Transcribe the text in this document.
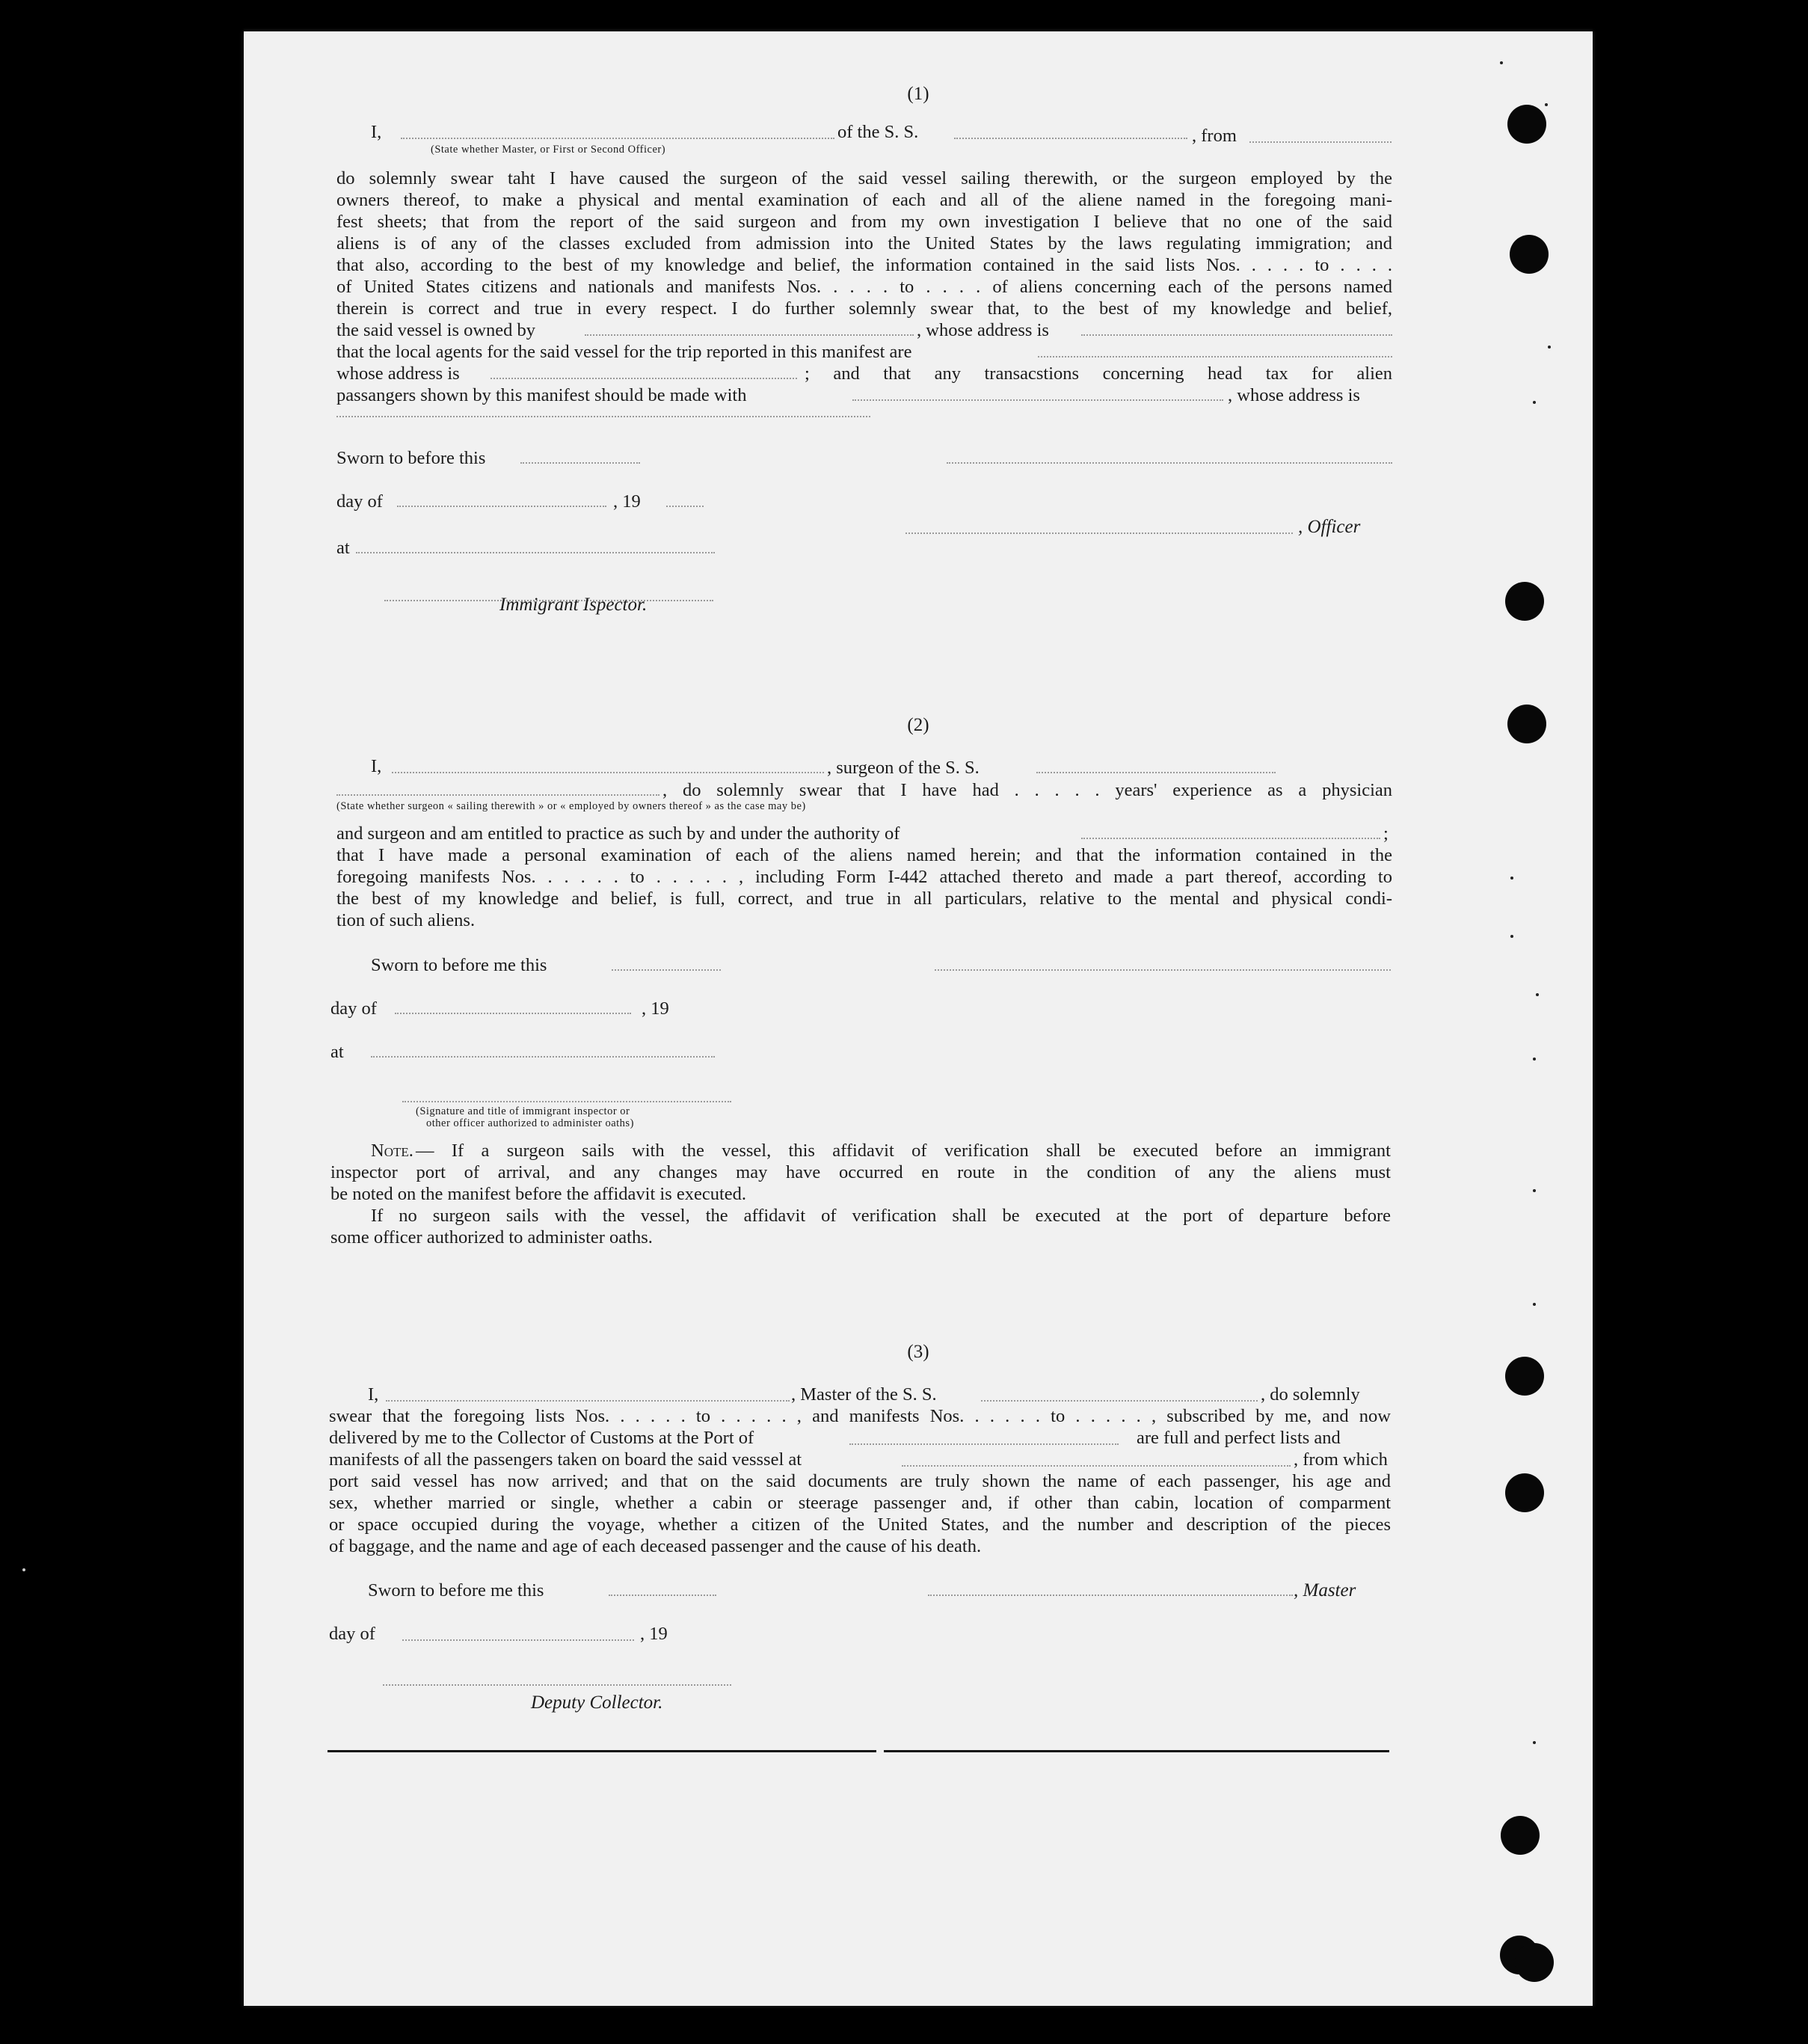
(1)
I,
(State whether Master, or First or Second Officer)
of the S. S.	, from
do solemnly swear taht I have caused the surgeon of the said vessel sailing therewith, or the surgeon employed by the
owners thereof, to make a physical and mental examination of each and all of the aliene named in the foregoing mani-
fest sheets; that from the report of the said surgeon and from my own investigation I believe that no one of the said
aliens is of any of the classes excluded from admission into the United States by the laws regulating immigration; and
that also, according to the best of my knowledge and belief, the information contained in the said lists Nos. . . . . to . . . .
of United States citizens and nationals and manifests Nos. . . . . to . . . . of aliens concerning each of the persons named
therein is correct and true in every respect. I do further solemnly swear that, to the best of my knowledge and belief,
the said vessel is owned by	, whose address is
that the local agents for the said vessel for the trip reported in this manifest are
whose address is	; and that any transacstions concerning head tax for alien
passangers shown by this manifest should be made with	, whose address is
Sworn to before this
day of	, 19
, Officer
at
Immigrant Ispector.
(2)
I,	, surgeon of the S. S.
, do solemnly swear that I have had . . . . . years' experience as a physician
(State whether surgeon « sailing therewith » or « employed by owners thereof » as the case may be)
and surgeon and am entitled to practice as such by and under the authority of	;
that I have made a personal examination of each of the aliens named herein; and that the information contained in the
foregoing manifests Nos. . . . . . to . . . . . , including Form I-442 attached thereto and made a part thereof, according to
the best of my knowledge and belief, is full, correct, and true in all particulars, relative to the mental and physical condi-
tion of such aliens.
Sworn to before me this
day of	, 19
at
(Signature and title of immigrant inspector or
other officer authorized to administer oaths)
Note. — If a surgeon sails with the vessel, this affidavit of verification shall be executed before an immigrant
inspector port of arrival, and any changes may have occurred en route in the condition of any the aliens must
be noted on the manifest before the affidavit is executed.
If no surgeon sails with the vessel, the affidavit of verification shall be executed at the port of departure before
some officer authorized to administer oaths.
(3)
I,	, Master of the S. S.	, do solemnly
swear that the foregoing lists Nos. . . . . . to . . . . . , and manifests Nos. . . . . . to . . . . . , subscribed by me, and now
delivered by me to the Collector of Customs at the Port of	are full and perfect lists and
manifests of all the passengers taken on board the said vesssel at	, from which
port said vessel has now arrived; and that on the said documents are truly shown the name of each passenger, his age and
sex, whether married or single, whether a cabin or steerage passenger and, if other than cabin, location of comparment
or space occupied during the voyage, whether a citizen of the United States, and the number and description of the pieces
of baggage, and the name and age of each deceased passenger and the cause of his death.
Sworn to before me this	, Master
day of	, 19
Deputy Collector.
